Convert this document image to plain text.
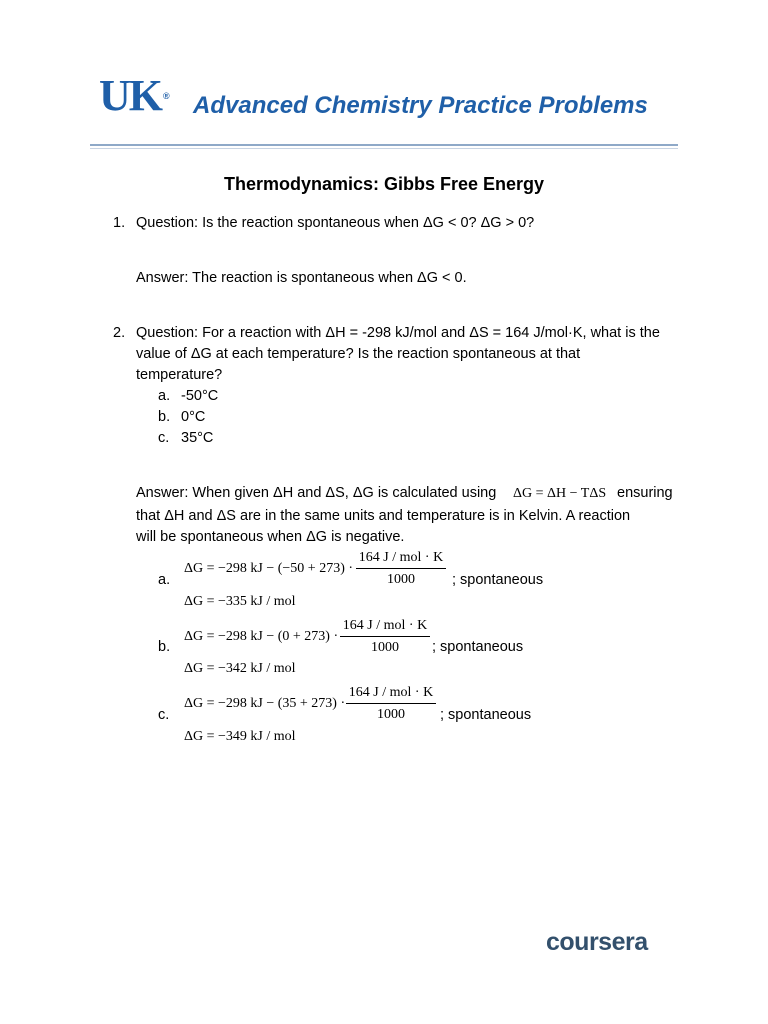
UK ® Advanced Chemistry Practice Problems
Thermodynamics: Gibbs Free Energy
1. Question: Is the reaction spontaneous when ΔG < 0? ΔG > 0?
Answer: The reaction is spontaneous when ΔG < 0.
2. Question: For a reaction with ΔH = -298 kJ/mol and ΔS = 164 J/mol·K, what is the
value of ΔG at each temperature? Is the reaction spontaneous at that
temperature?
a. -50°C
b. 0°C
c. 35°C
Answer: When given ΔH and ΔS, ΔG is calculated using ΔG = ΔH − TΔS ensuring
that ΔH and ΔS are in the same units and temperature is in Kelvin. A reaction
will be spontaneous when ΔG is negative.
a.
ΔG = −298 kJ − (−50 + 273) ·
164 J / mol · K
1000	; spontaneous
ΔG = −335 kJ / mol
b.
ΔG = −298 kJ − (0 + 273) ·
164 J / mol · K
1000	; spontaneous
ΔG = −342 kJ / mol
c.
ΔG = −298 kJ − (35 + 273) ·
164 J / mol · K
1000	; spontaneous
ΔG = −349 kJ / mol
coursera
